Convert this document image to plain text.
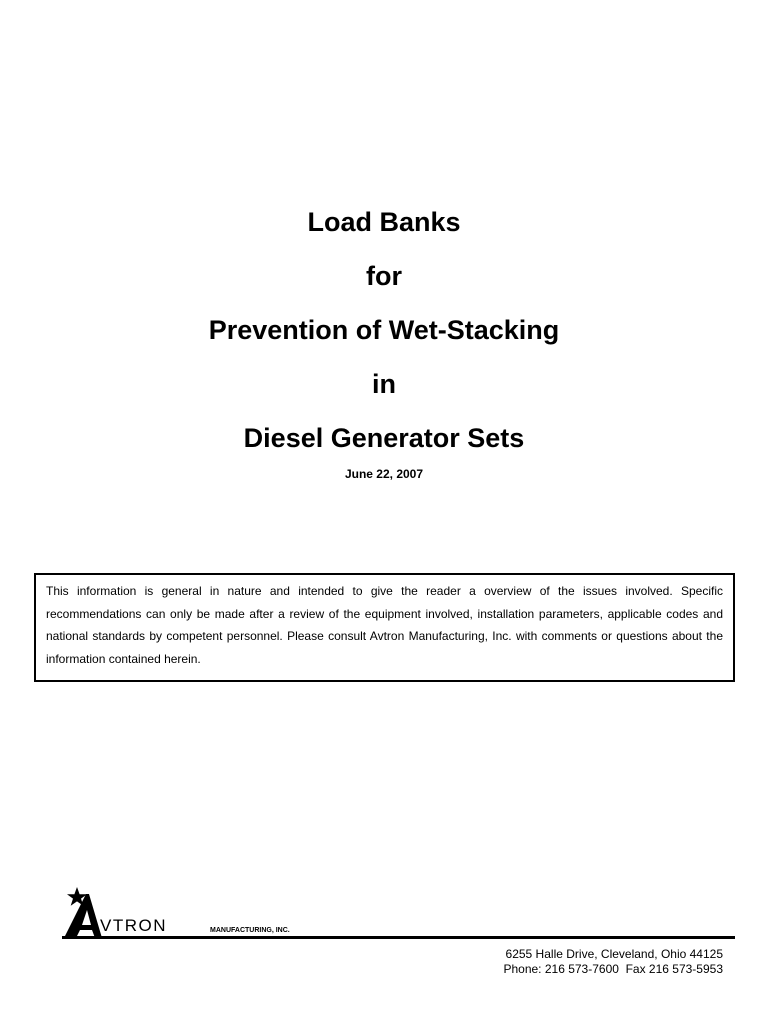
Load Banks

for

Prevention of Wet-Stacking

in

Diesel Generator Sets

June 22, 2007

This information is general in nature and intended to give the reader a overview of the issues involved. Specific recommendations can only be made after a review of the equipment involved, installation parameters, applicable codes and national standards by competent personnel. Please consult Avtron Manufacturing, Inc. with comments or questions about the information contained herein.

VTRON	MANUFACTURING, INC.
6255 Halle Drive, Cleveland, Ohio 44125
Phone: 216 573-7600  Fax 216 573-5953
